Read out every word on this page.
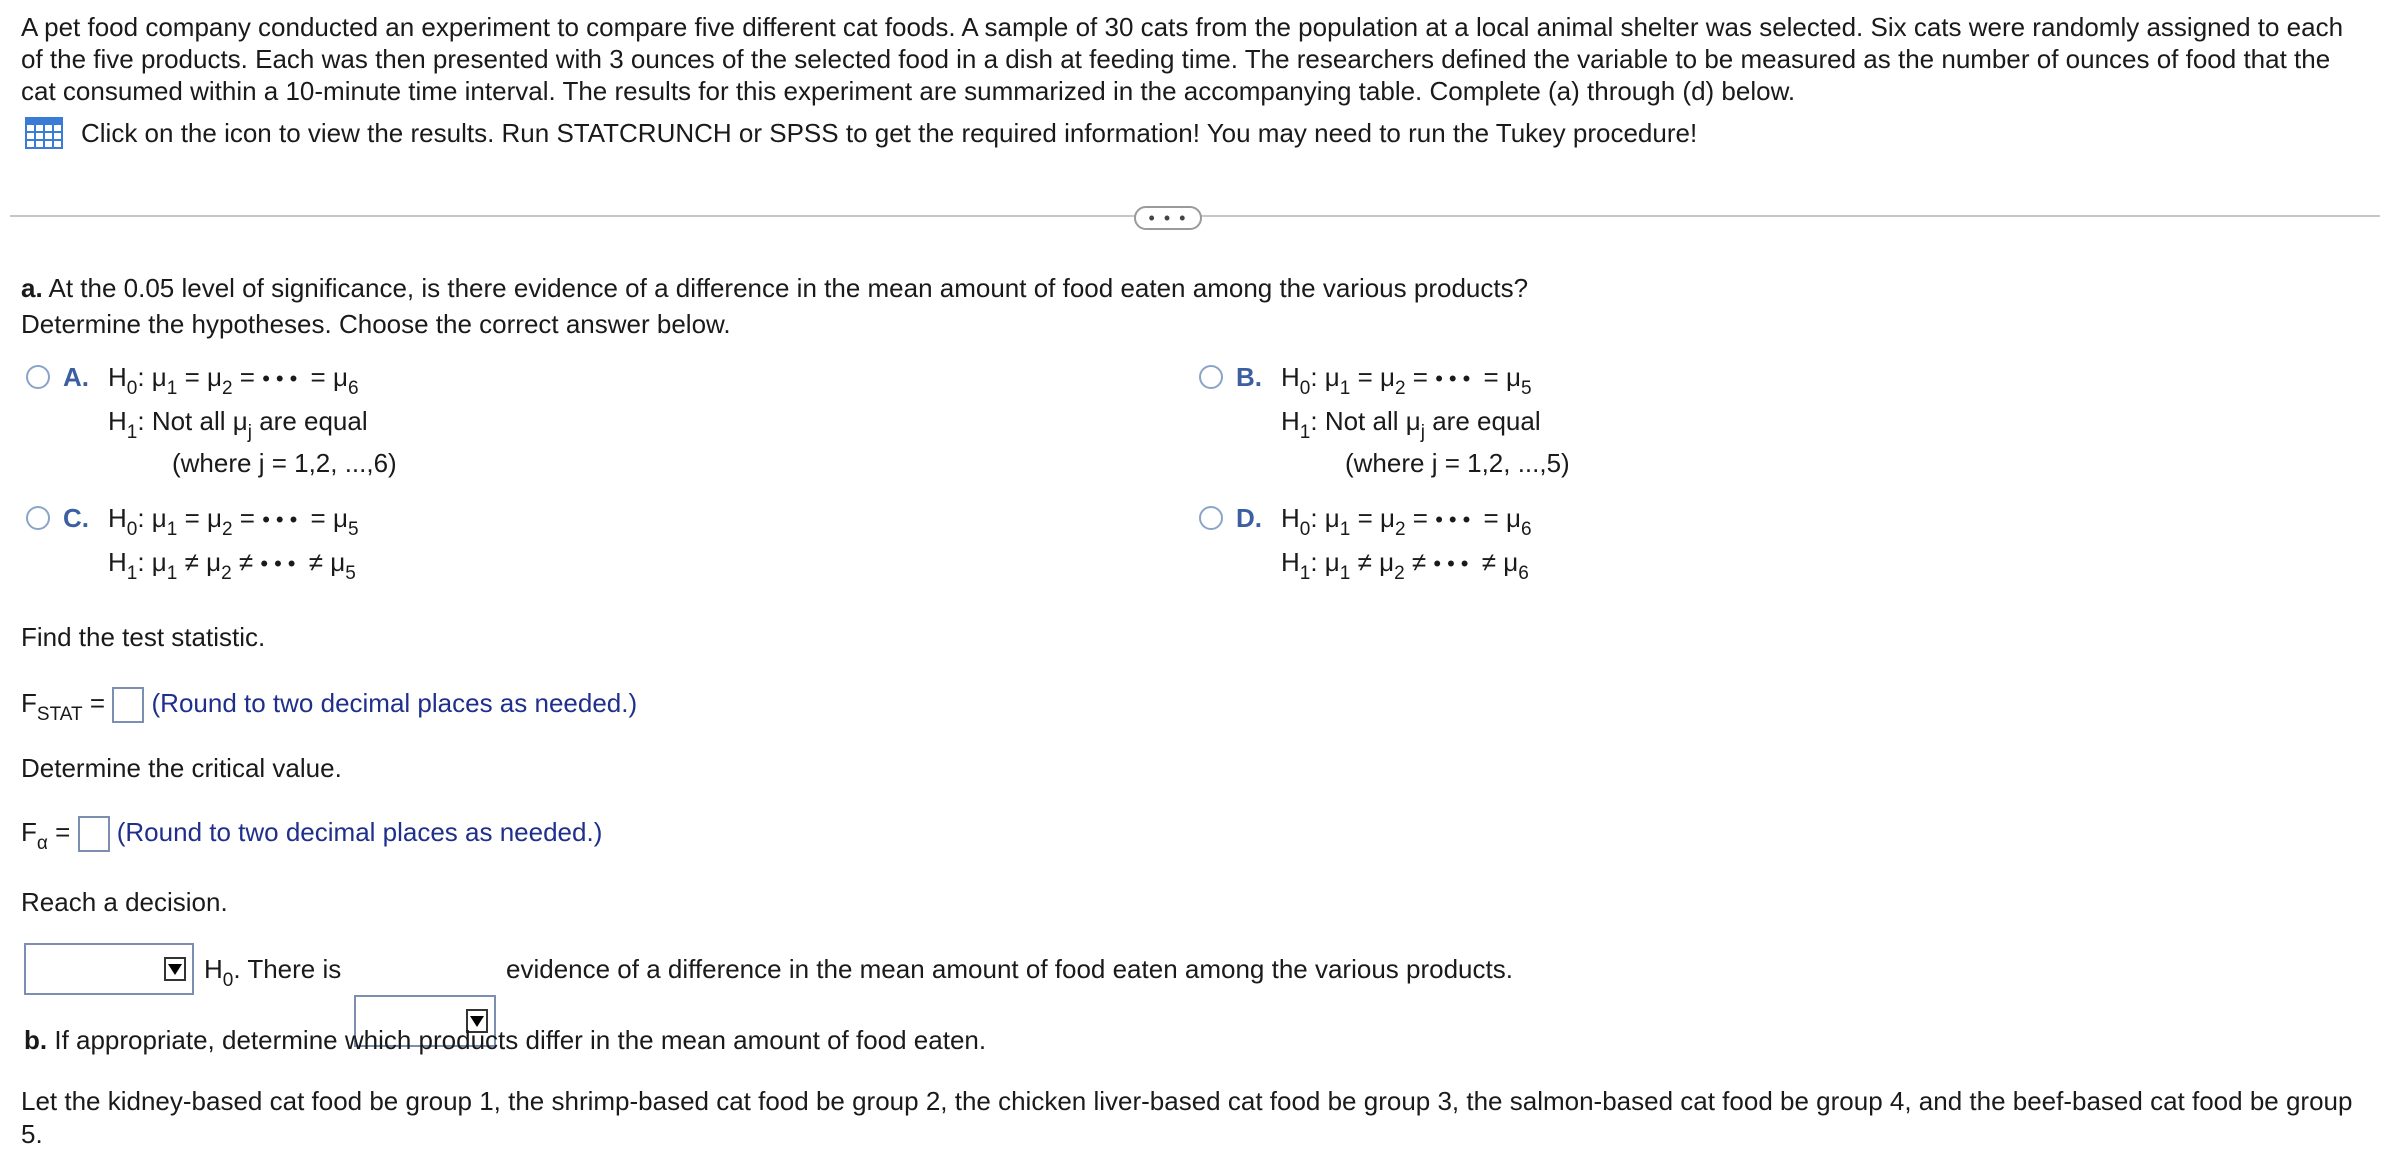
A pet food company conducted an experiment to compare five different cat foods. A sample of 30 cats from the population at a local animal shelter was selected. Six cats were randomly assigned to each

of the five products. Each was then presented with 3 ounces of the selected food in a dish at feeding time. The researchers defined the variable to be measured as the number of ounces of food that the

cat consumed within a 10-minute time interval. The results for this experiment are summarized in the accompanying table. Complete (a) through (d) below.

Click on the icon to view the results. Run STATCRUNCH or SPSS to get the required information! You may need to run the Tukey procedure!
• • •
a. At the 0.05 level of significance, is there evidence of a difference in the mean amount of food eaten among the various products?
Determine the hypotheses. Choose the correct answer below.
A. $H_0$: $\mu_1 = \mu_2$ = ••• = $\mu_6$
$H_1$: Not all $\mu_j$ are equal
(where j = 1,2, ...,6)
B. $H_0$: $\mu_1 = \mu_2$ = ••• = $\mu_5$
$H_1$: Not all $\mu_j$ are equal
(where j = 1,2, ...,5)
C. $H_0$: $\mu_1 = \mu_2$ = ••• = $\mu_5$
$H_1$: $\mu_1 \ne \mu_2$ ≠ ••• ≠ $\mu_5$
D. $H_0$: $\mu_1 = \mu_2$ = ••• = $\mu_6$
$H_1$: $\mu_1 \ne \mu_2$ ≠ ••• ≠ $\mu_6$
Find the test statistic.
$F_{STAT}$ =  (Round to two decimal places as needed.)
Determine the critical value.
$F_\alpha$ =  (Round to two decimal places as needed.)
Reach a decision.
$H_0$. There is	evidence of a difference in the mean amount of food eaten among the various products.
b. If appropriate, determine which products differ in the mean amount of food eaten.
Let the kidney-based cat food be group 1, the shrimp-based cat food be group 2, the chicken liver-based cat food be group 3, the salmon-based cat food be group 4, and the beef-based cat food be group
5.
